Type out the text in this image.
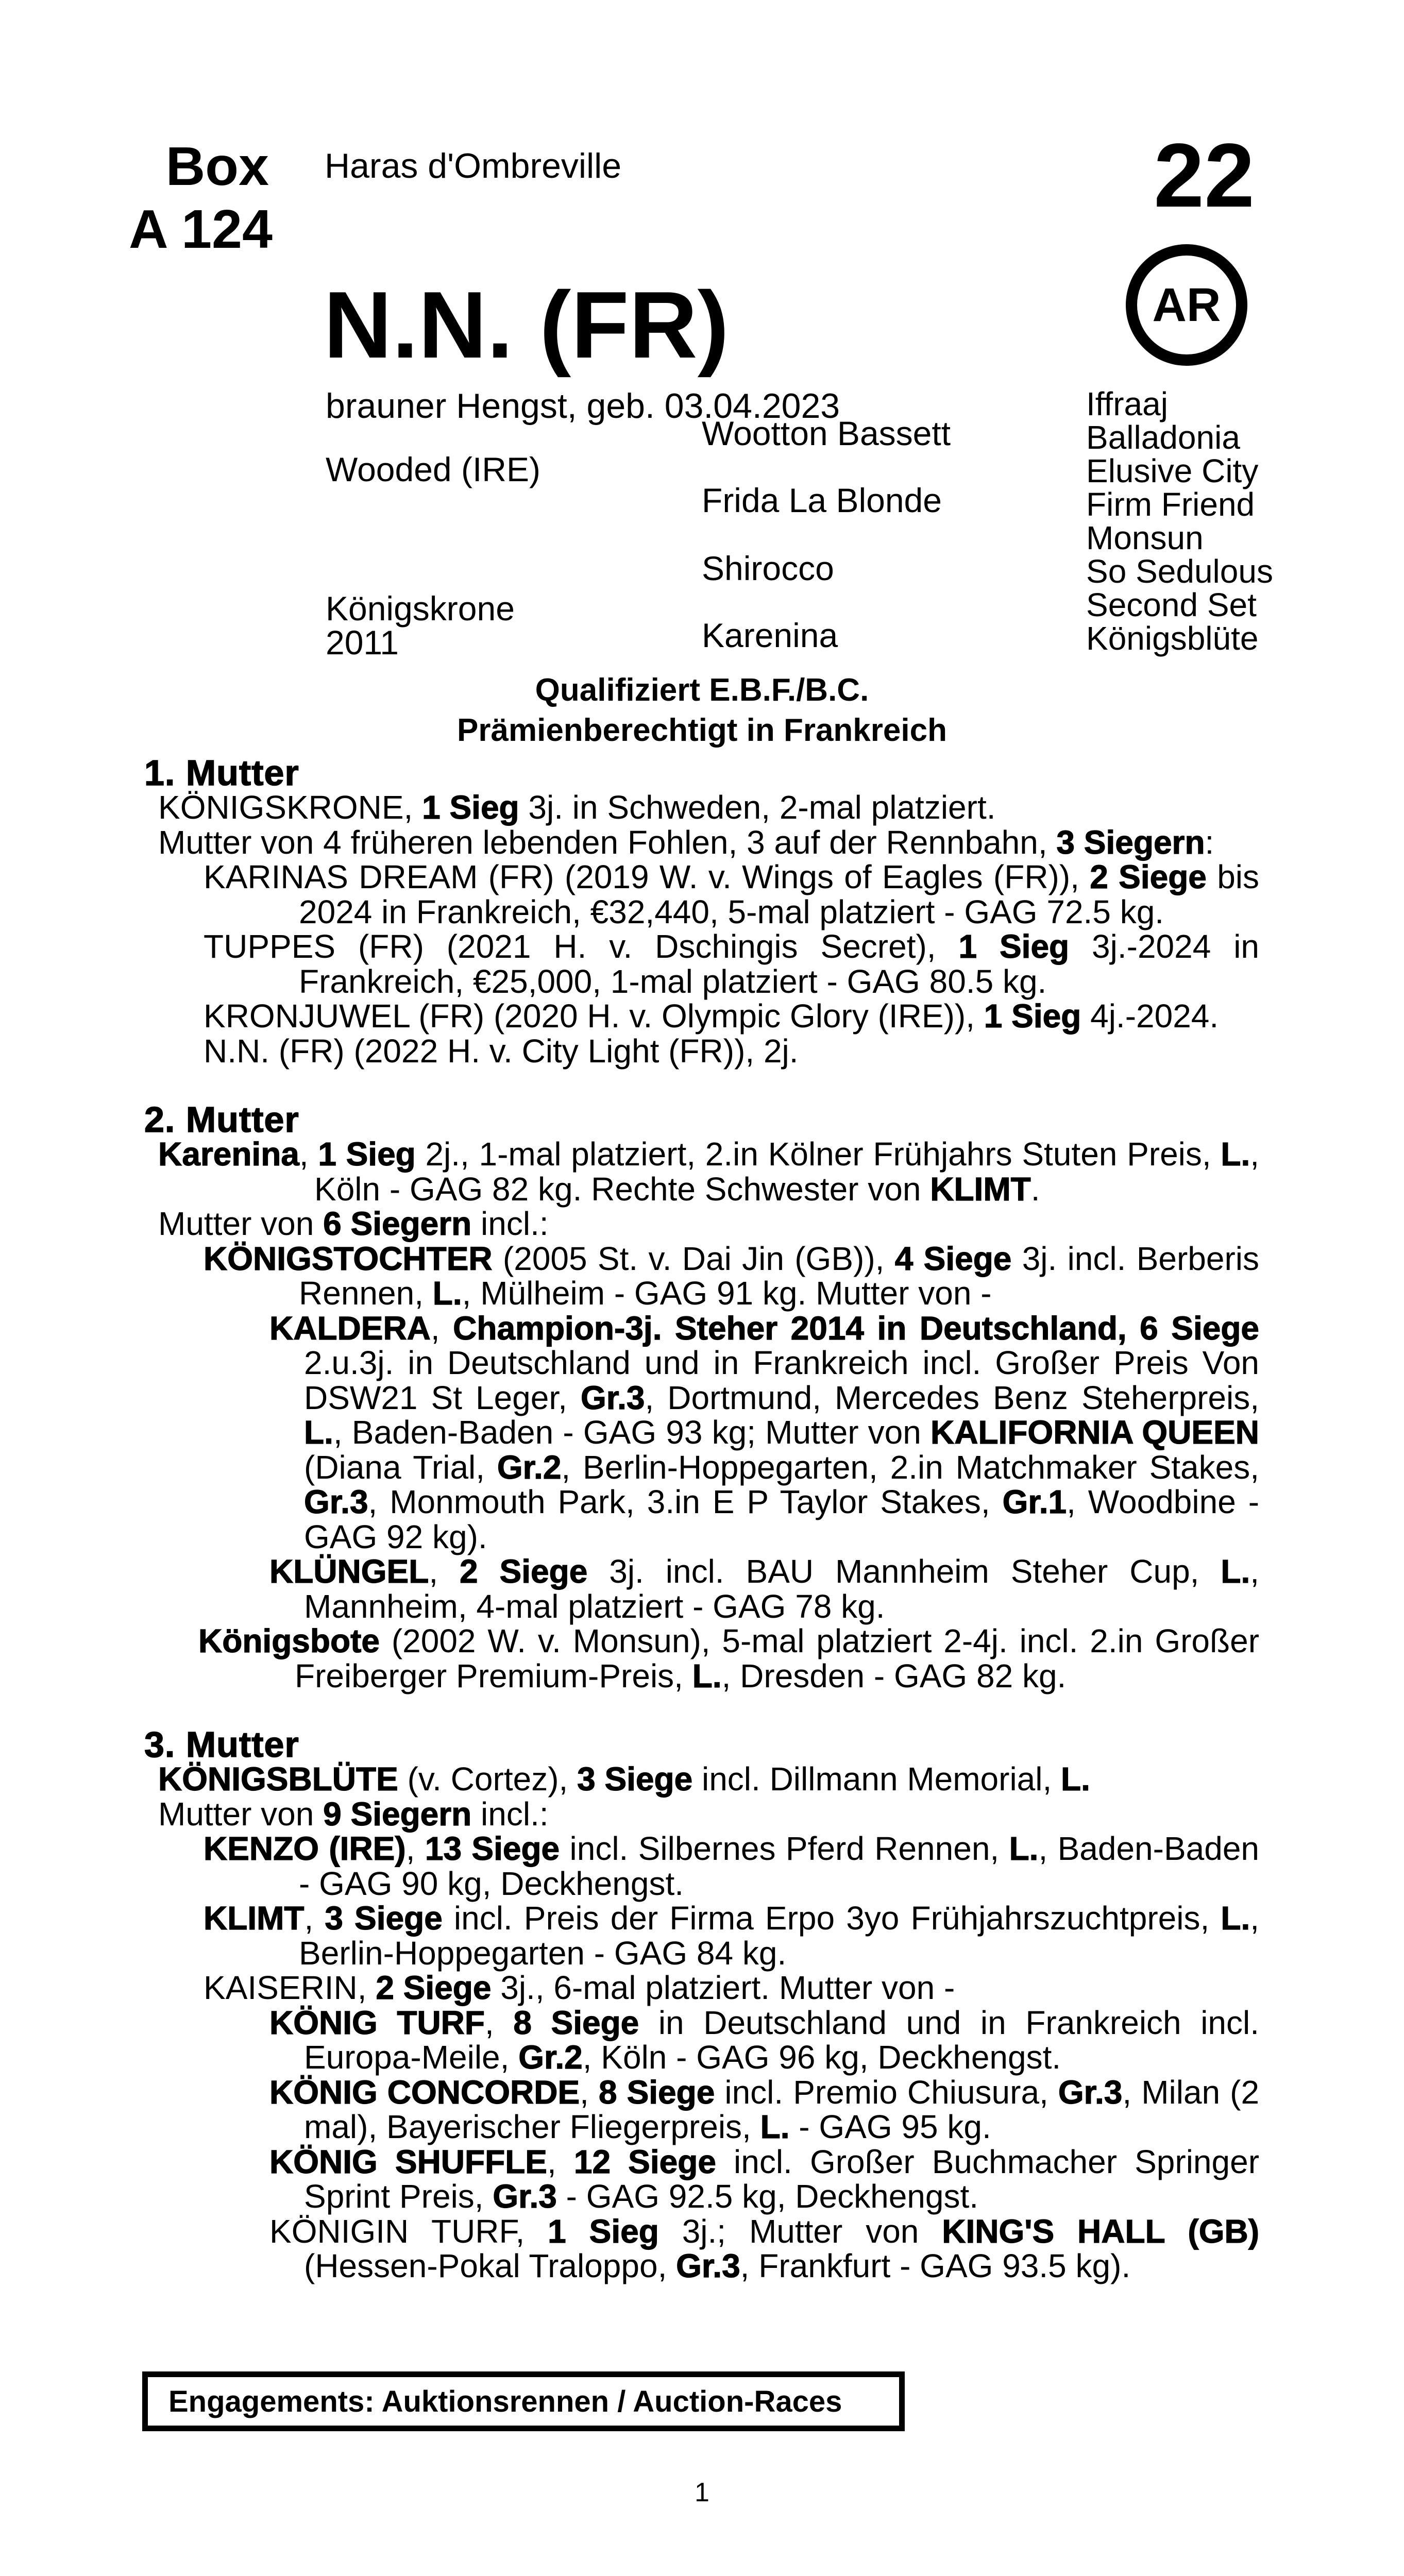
Box
A 124
Haras d'Ombreville	22
AR
N.N. (FR)
brauner Hengst, geb. 03.04.2023
Wooded (IRE)
Königskrone
2011
Wootton Bassett
Frida La Blonde
Shirocco
Karenina
Iffraaj
Balladonia
Elusive City
Firm Friend
Monsun
So Sedulous
Second Set
Königsblüte
Qualifiziert E.B.F./B.C.
Prämienberechtigt in Frankreich
1. Mutter
KÖNIGSKRONE, 1 Sieg 3j. in Schweden, 2-mal platziert.
Mutter von 4 früheren lebenden Fohlen, 3 auf der Rennbahn, 3 Siegern:
KARINAS DREAM (FR) (2019 W. v. Wings of Eagles (FR)), 2 Siege bis 2024 in Frankreich, €32,440, 5-mal platziert - GAG 72.5 kg.
TUPPES (FR) (2021 H. v. Dschingis Secret), 1 Sieg 3j.-2024 in Frankreich, €25,000, 1-mal platziert - GAG 80.5 kg.
KRONJUWEL (FR) (2020 H. v. Olympic Glory (IRE)), 1 Sieg 4j.-2024.
N.N. (FR) (2022 H. v. City Light (FR)), 2j.
2. Mutter
Karenina, 1 Sieg 2j., 1-mal platziert, 2.in Kölner Frühjahrs Stuten Preis, L., Köln - GAG 82 kg. Rechte Schwester von KLIMT.
Mutter von 6 Siegern incl.:
KÖNIGSTOCHTER (2005 St. v. Dai Jin (GB)), 4 Siege 3j. incl. Berberis Rennen, L., Mülheim - GAG 91 kg. Mutter von -
KALDERA, Champion-3j. Steher 2014 in Deutschland, 6 Siege 2.u.3j. in Deutschland und in Frankreich incl. Großer Preis Von DSW21 St Leger, Gr.3, Dortmund, Mercedes Benz Steherpreis, L., Baden-Baden - GAG 93 kg; Mutter von KALIFORNIA QUEEN (Diana Trial, Gr.2, Berlin-Hoppegarten, 2.in Matchmaker Stakes, Gr.3, Monmouth Park, 3.in E P Taylor Stakes, Gr.1, Woodbine - GAG 92 kg).
KLÜNGEL, 2 Siege 3j. incl. BAU Mannheim Steher Cup, L., Mannheim, 4-mal platziert - GAG 78 kg.
Königsbote (2002 W. v. Monsun), 5-mal platziert 2-4j. incl. 2.in Großer Freiberger Premium-Preis, L., Dresden - GAG 82 kg.
3. Mutter
KÖNIGSBLÜTE (v. Cortez), 3 Siege incl. Dillmann Memorial, L.
Mutter von 9 Siegern incl.:
KENZO (IRE), 13 Siege incl. Silbernes Pferd Rennen, L., Baden-Baden - GAG 90 kg, Deckhengst.
KLIMT, 3 Siege incl. Preis der Firma Erpo 3yo Frühjahrszuchtpreis, L., Berlin-Hoppegarten - GAG 84 kg.
KAISERIN, 2 Siege 3j., 6-mal platziert. Mutter von -
KÖNIG TURF, 8 Siege in Deutschland und in Frankreich incl. Europa-Meile, Gr.2, Köln - GAG 96 kg, Deckhengst.
KÖNIG CONCORDE, 8 Siege incl. Premio Chiusura, Gr.3, Milan (2 mal), Bayerischer Fliegerpreis, L. - GAG 95 kg.
KÖNIG SHUFFLE, 12 Siege incl. Großer Buchmacher Springer Sprint Preis, Gr.3 - GAG 92.5 kg, Deckhengst.
KÖNIGIN TURF, 1 Sieg 3j.; Mutter von KING'S HALL (GB) (Hessen-Pokal Traloppo, Gr.3, Frankfurt - GAG 93.5 kg).
Engagements: Auktionsrennen / Auction-Races
1
